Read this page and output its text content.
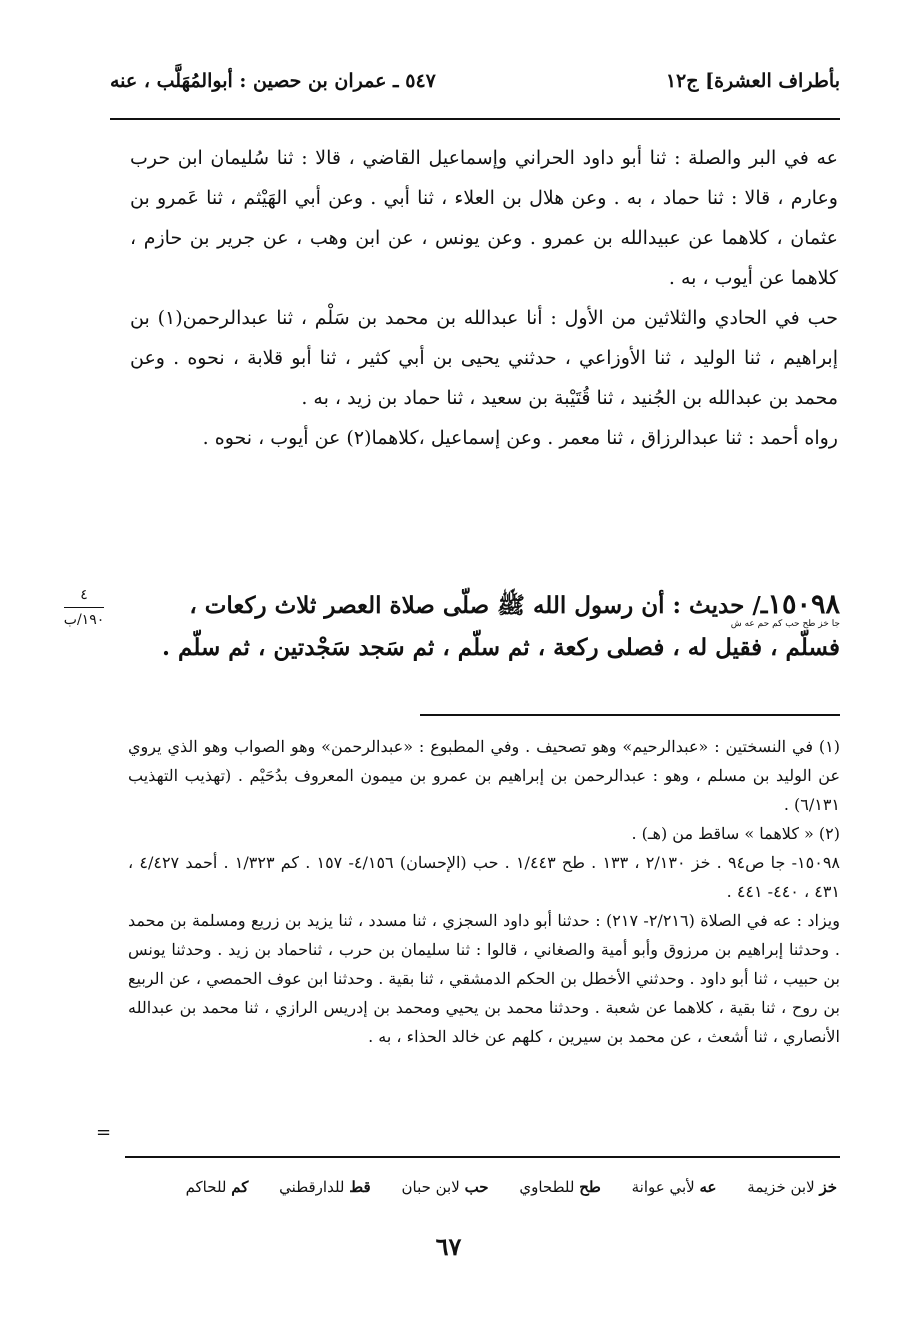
بأطراف العشرة] ج١٢
٥٤٧ ـ عمران بن حصين : أبوالمُهَلَّب ، عنه

عه في البر والصلة : ثنا أبو داود الحراني وإسماعيل القاضي ، قالا : ثنا سُليمان ابن حرب وعارم ، قالا : ثنا حماد ، به . وعن هلال بن العلاء ، ثنا أبي . وعن أبي الهَيْثم ، ثنا عَمرو بن عثمان ، كلاهما عن عبيدالله بن عمرو . وعن يونس ، عن ابن وهب ، عن جرير بن حازم ، كلاهما عن أيوب ، به .

حب في الحادي والثلاثين من الأول : أنا عبدالله بن محمد بن سَلْم ، ثنا عبدالرحمن(١) بن إبراهيم ، ثنا الوليد ، ثنا الأوزاعي ، حدثني يحيى بن أبي كثير ، ثنا أبو قلابة ، نحوه . وعن محمد بن عبدالله بن الجُنيد ، ثنا قُتَيْبة بن سعيد ، ثنا حماد بن زيد ، به .

رواه أحمد : ثنا عبدالرزاق ، ثنا معمر . وعن إسماعيل ،كلاهما(٢) عن أيوب ، نحوه .

٤
١٩٠/ب	١٥٠٩٨ـ/ حديث : أن رسول الله ﷺ صلّى صلاة العصر ثلاث ركعات ،

فسلّم ، فقيل له ، فصلى ركعة ، ثم سلّم ، ثم سَجد سَجْدتين ، ثم سلّم .

جا خز طح حب كم حم عه ش

(١) في النسختين : «عبدالرحيم» وهو تصحيف . وفي المطبوع : «عبدالرحمن» وهو الصواب وهو الذي يروي عن الوليد بن مسلم ، وهو : عبدالرحمن بن إبراهيم بن عمرو بن ميمون المعروف بدُحَيْم . (تهذيب التهذيب ٦/١٣١) .

(٢) « كلاهما » ساقط من (هـ) .

١٥٠٩٨- جا ص٩٤ . خز ٢/١٣٠ ، ١٣٣ . طح ١/٤٤٣ . حب (الإحسان) ٤/١٥٦- ١٥٧ . كم ١/٣٢٣ . أحمد ٤/٤٢٧ ، ٤٣١ ، ٤٤٠- ٤٤١ .

ويزاد : عه في الصلاة (٢/٢١٦- ٢١٧) : حدثنا أبو داود السجزي ، ثنا مسدد ، ثنا يزيد بن زريع ومسلمة بن محمد . وحدثنا إبراهيم بن مرزوق وأبو أمية والصغاني ، قالوا : ثنا سليمان بن حرب ، ثناحماد بن زيد . وحدثنا يونس بن حبيب ، ثنا أبو داود . وحدثني الأخطل بن الحكم الدمشقي ، ثنا بقية . وحدثنا ابن عوف الحمصي ، عن الربيع بن روح ، ثنا بقية ، كلاهما عن شعبة . وحدثنا محمد بن يحيي ومحمد بن إدريس الرازي ، ثنا محمد بن عبدالله الأنصاري ، ثنا أشعث ، عن محمد بن سيرين ، كلهم عن خالد الحذاء ، به .

=
خز لابن خزيمة عه لأبي عوانة طح للطحاوي حب لابن حبان قط للدارقطني كم للحاكم
٦٧
